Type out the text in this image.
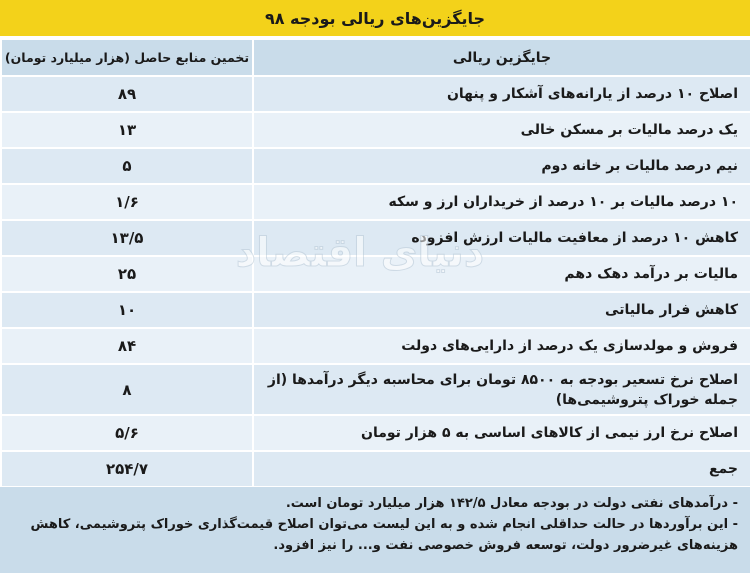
جایگزین‌های ریالی بودجه ۹۸
جایگزین ریالی	تخمین منابع حاصل (هزار میلیارد تومان)
اصلاح ۱۰ درصد از یارانه‌های آشکار و پنهان	۸۹
یک درصد مالیات بر مسکن خالی	۱۳
نیم درصد مالیات بر خانه دوم	۵
۱۰ درصد مالیات بر ۱۰ درصد از خریداران ارز و سکه	۱/۶
کاهش ۱۰ درصد از معافیت مالیات ارزش افزوده	۱۳/۵
مالیات بر درآمد دهک دهم	۲۵
کاهش فرار مالیاتی	۱۰
فروش و مولدسازی یک درصد از دارایی‌های دولت	۸۴
اصلاح نرخ تسعیر بودجه به ۸۵۰۰ تومان برای محاسبه دیگر درآمدها (از جمله خوراک پتروشیمی‌ها)	۸
اصلاح نرخ ارز نیمی از کالاهای اساسی به ۵ هزار تومان	۵/۶
جمع	۲۵۴/۷
- درآمدهای نفتی دولت در بودجه معادل ۱۴۲/۵ هزار میلیارد تومان است.
- این برآوردها در حالت حداقلی انجام شده و به این لیست می‌توان اصلاح قیمت‌گذاری خوراک پتروشیمی، کاهش
هزینه‌های غیرضرور دولت، توسعه فروش خصوصی نفت و... را نیز افزود.
دنیای اقتصاد
